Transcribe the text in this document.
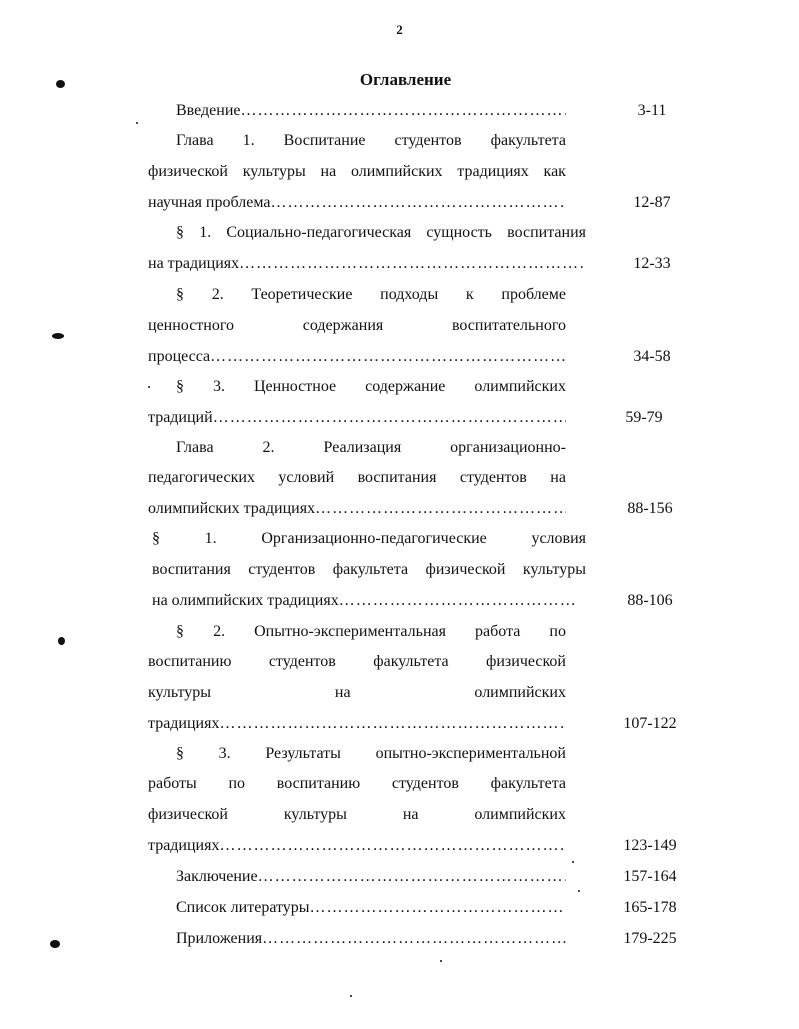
2
Оглавление
Введение ……………………………………………………………………………………………………………………	3-11
Глава 1. Воспитание студентов факультета
физической культуры на олимпийских традициях как
научная проблема ……………………………………………………………………………………………………………………	12-87
§ 1. Социально-педагогическая сущность воспитания
на традициях ……………………………………………………………………………………………………………………	12-33
§ 2. Теоретические подходы к проблеме
ценностного	содержания	воспитательного
процесса ……………………………………………………………………………………………………………………	34-58
§ 3. Ценностное содержание олимпийских
традиций ……………………………………………………………………………………………………………………	59-79
Глава	2.	Реализация	организационно-
педагогических условий воспитания студентов на
олимпийских традициях ……………………………………………………………………………………………………………………	88-156
§	1.	Организационно-педагогические	условия
воспитания студентов факультета физической культуры
на олимпийских традициях ……………………………………………………………………………………………………………………	88-106
§ 2. Опытно-экспериментальная работа по
воспитанию студентов факультета физической
культуры	на	олимпийских
традициях ……………………………………………………………………………………………………………………	107-122
§ 3. Результаты опытно-экспериментальной
работы по воспитанию студентов факультета
физической	культуры	на	олимпийских
традициях ……………………………………………………………………………………………………………………	123-149
Заключение ……………………………………………………………………………………………………………………	157-164
Список литературы ……………………………………………………………………………………………………………………	165-178
Приложения ……………………………………………………………………………………………………………………	179-225
